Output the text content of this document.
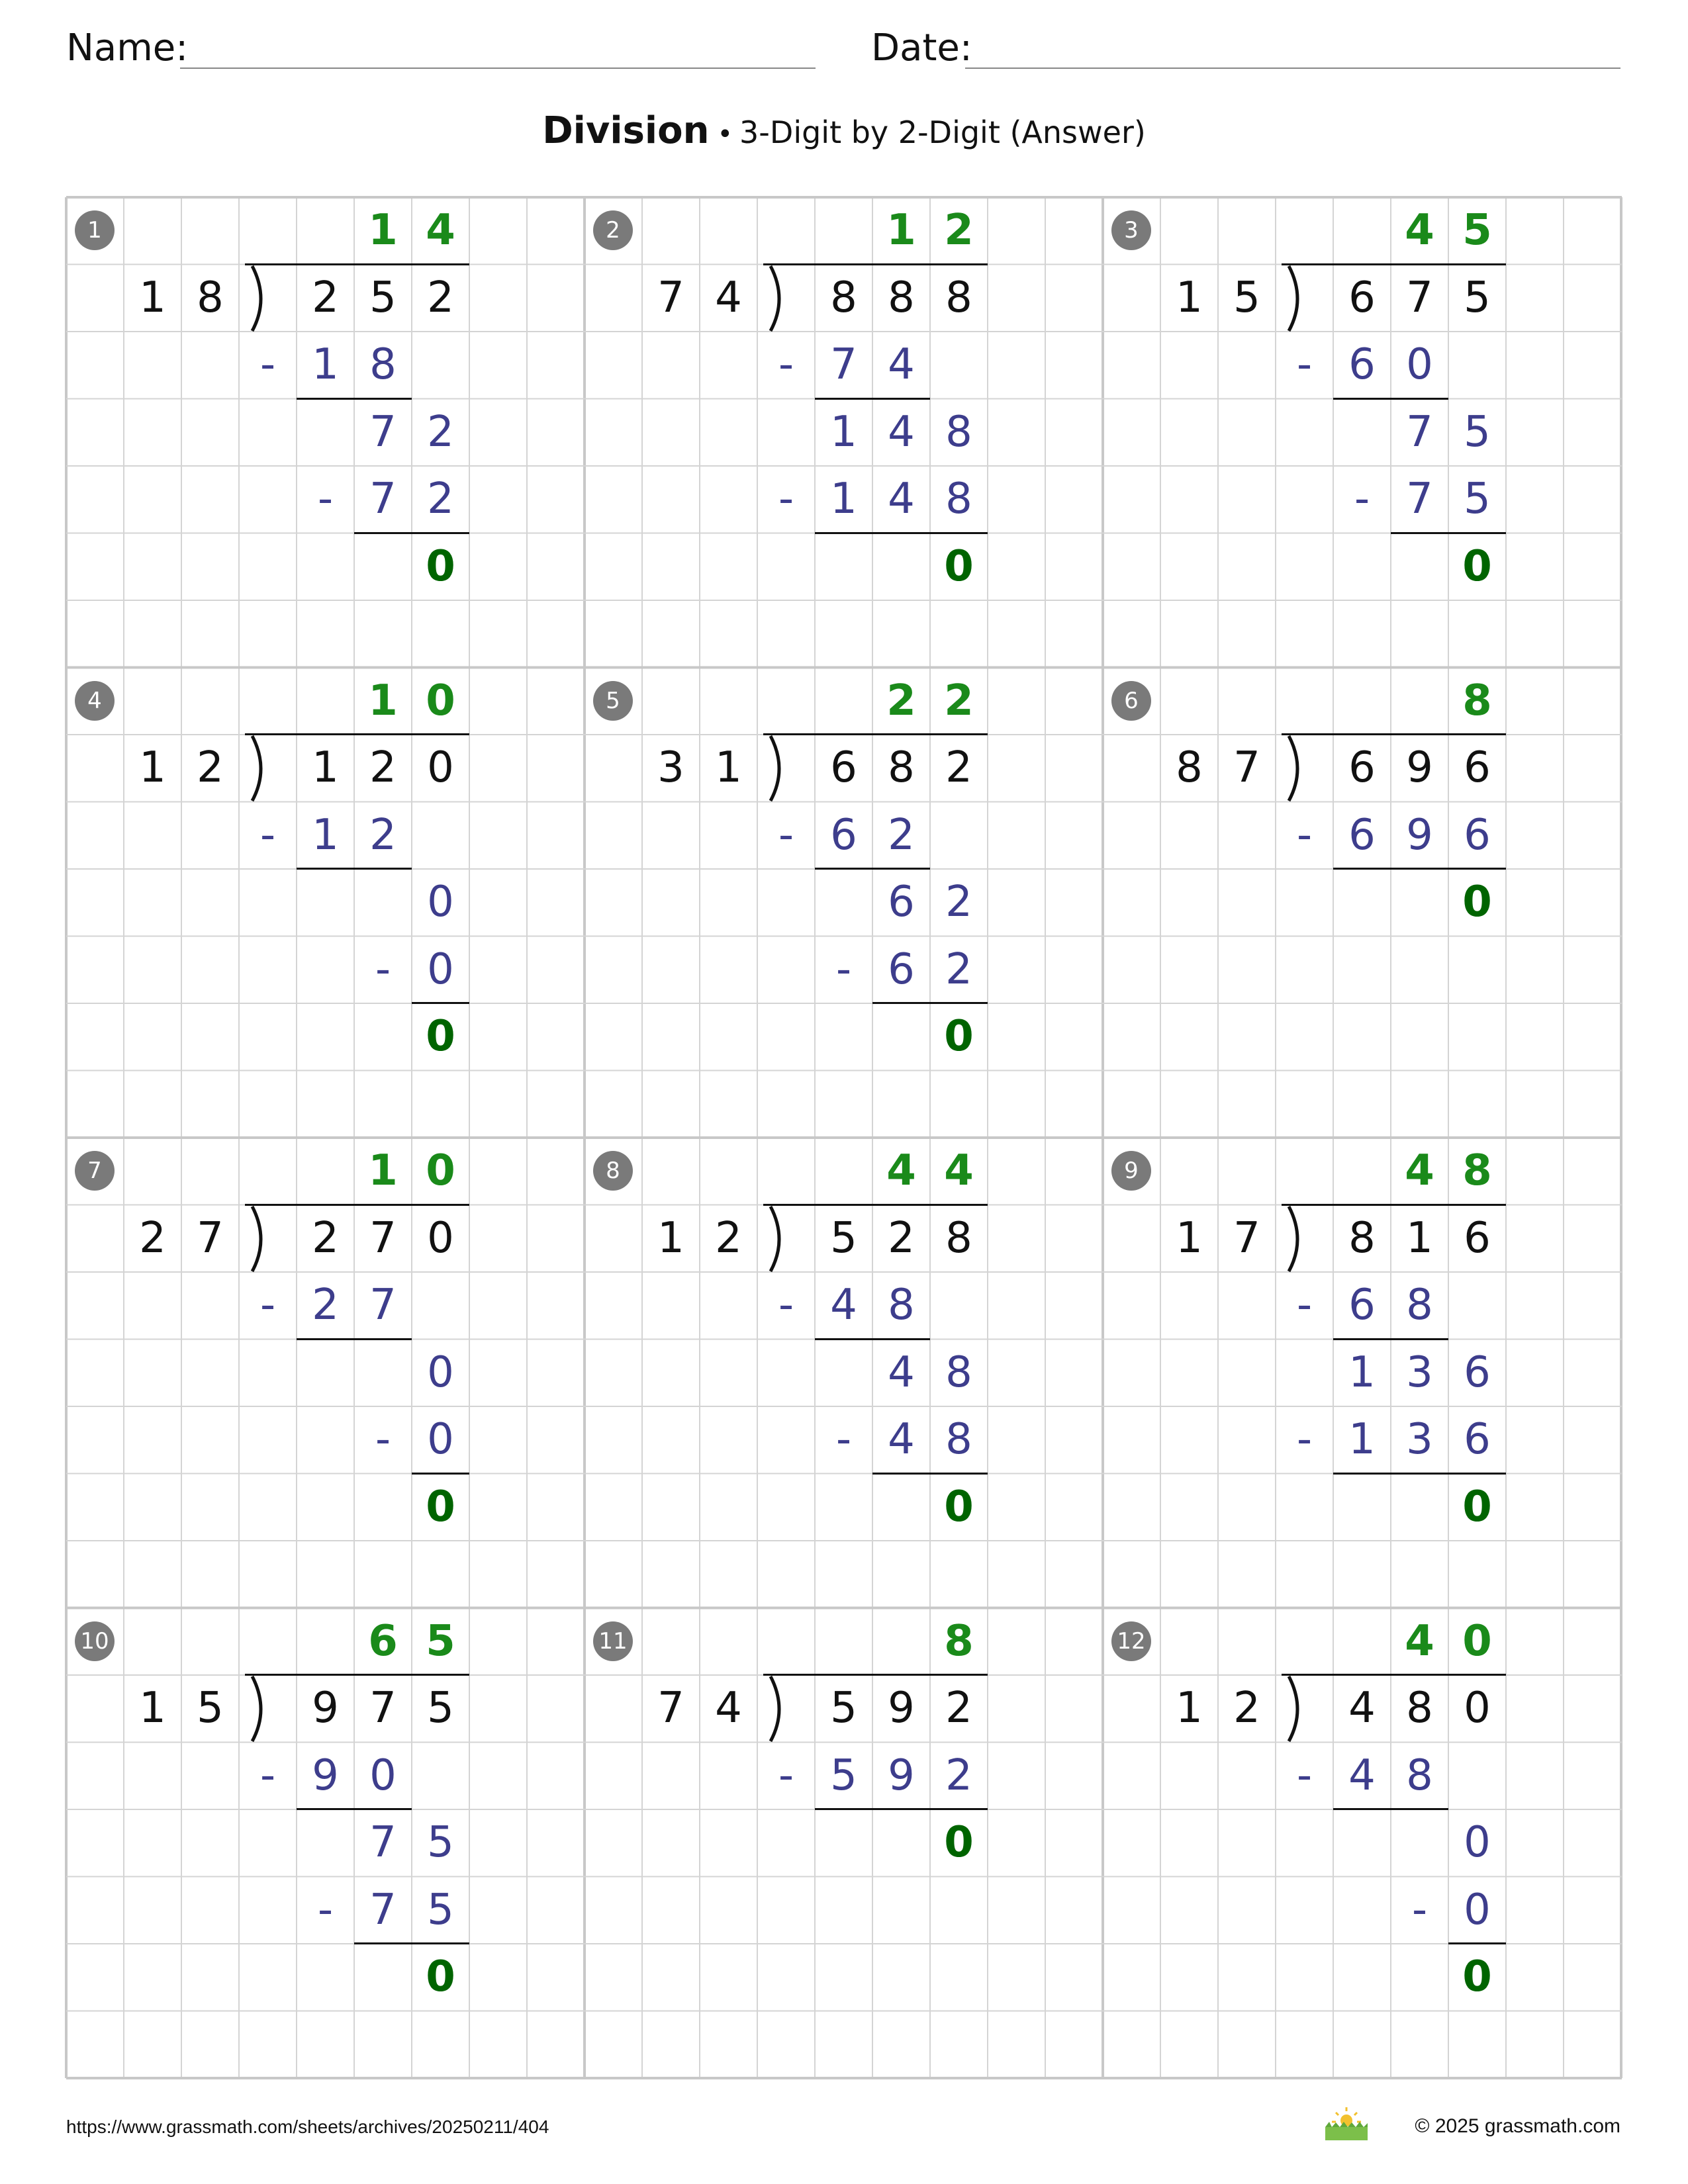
Name:	Date:
Division • 3-Digit by 2-Digit (Answer)
1	1 4
1 8	2 5 2
1 8
-
7 2
7 2
-
0
2	1 2
7 4	8 8 8
7 4
-
1 4 8
1 4 8
-
0
3	4 5
1 5	6 7 5
6 0
-
7 5
7 5
-
0
4	1 0
1 2	1 2 0
1 2
-
0
0
-
0
5	2 2
3 1	6 8 2
6 2
-
6 2
6 2
-
0
6	8
8 7	6 9 6
6 9 6
-
0
7	1 0
2 7	2 7 0
2 7
-
0
0
-
0
8	4 4
1 2	5 2 8
4 8
-
4 8
4 8
-
0
9	4 8
1 7	8 1 6
6 8
-
1 3 6
1 3 6
-
0
10	6 5
1 5	9 7 5
9 0
-
7 5
7 5
-
0
11	8
7 4	5 9 2
5 9 2
-
0
12	4 0
1 2	4 8 0
4 8
-
0
0
-
0
https://www.grassmath.com/sheets/archives/20250211/404	© 2025 grassmath.com
